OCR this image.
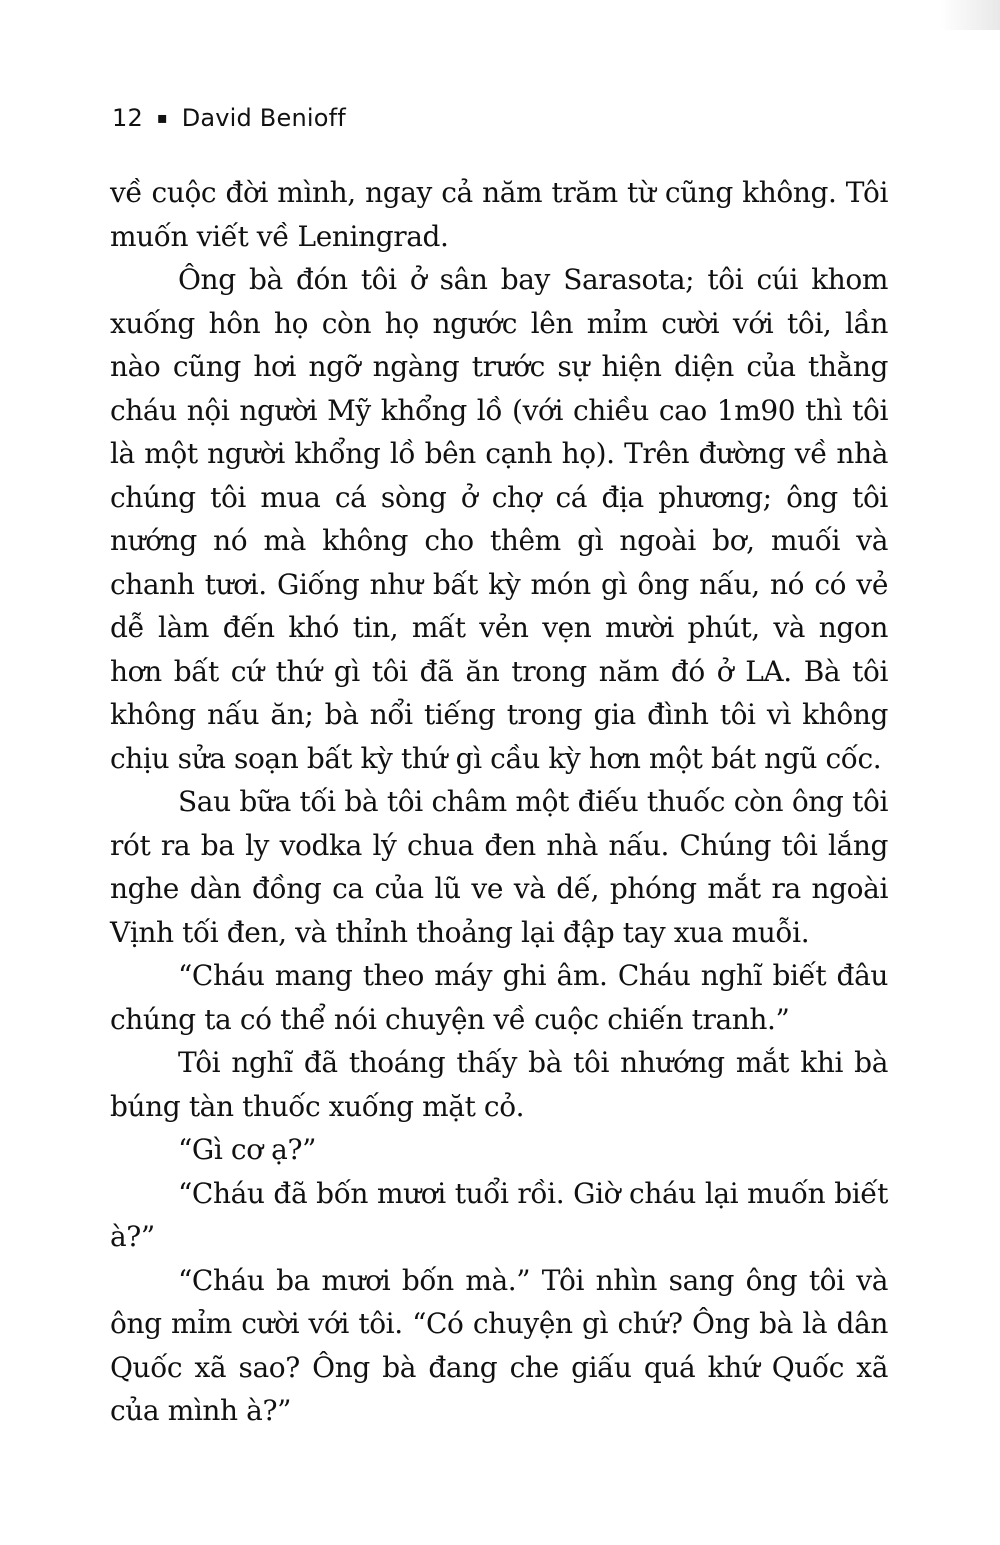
12 ▪ David Benioff

về cuộc đời mình, ngay cả năm trăm từ cũng không. Tôi muốn viết về Leningrad.

Ông bà đón tôi ở sân bay Sarasota; tôi cúi khom xuống hôn họ còn họ ngước lên mỉm cười với tôi, lần nào cũng hơi ngỡ ngàng trước sự hiện diện của thằng cháu nội người Mỹ khổng lồ (với chiều cao 1m90 thì tôi là một người khổng lồ bên cạnh họ). Trên đường về nhà chúng tôi mua cá sòng ở chợ cá địa phương; ông tôi nướng nó mà không cho thêm gì ngoài bơ, muối và chanh tươi. Giống như bất kỳ món gì ông nấu, nó có vẻ dễ làm đến khó tin, mất vẻn vẹn mười phút, và ngon hơn bất cứ thứ gì tôi đã ăn trong năm đó ở LA. Bà tôi không nấu ăn; bà nổi tiếng trong gia đình tôi vì không chịu sửa soạn bất kỳ thứ gì cầu kỳ hơn một bát ngũ cốc.

Sau bữa tối bà tôi châm một điếu thuốc còn ông tôi rót ra ba ly vodka lý chua đen nhà nấu. Chúng tôi lắng nghe dàn đồng ca của lũ ve và dế, phóng mắt ra ngoài Vịnh tối đen, và thỉnh thoảng lại đập tay xua muỗi.

“Cháu mang theo máy ghi âm. Cháu nghĩ biết đâu chúng ta có thể nói chuyện về cuộc chiến tranh.”

Tôi nghĩ đã thoáng thấy bà tôi nhướng mắt khi bà búng tàn thuốc xuống mặt cỏ.

“Gì cơ ạ?”

“Cháu đã bốn mươi tuổi rồi. Giờ cháu lại muốn biết à?”

“Cháu ba mươi bốn mà.” Tôi nhìn sang ông tôi và ông mỉm cười với tôi. “Có chuyện gì chứ? Ông bà là dân Quốc xã sao? Ông bà đang che giấu quá khứ Quốc xã của mình à?”
